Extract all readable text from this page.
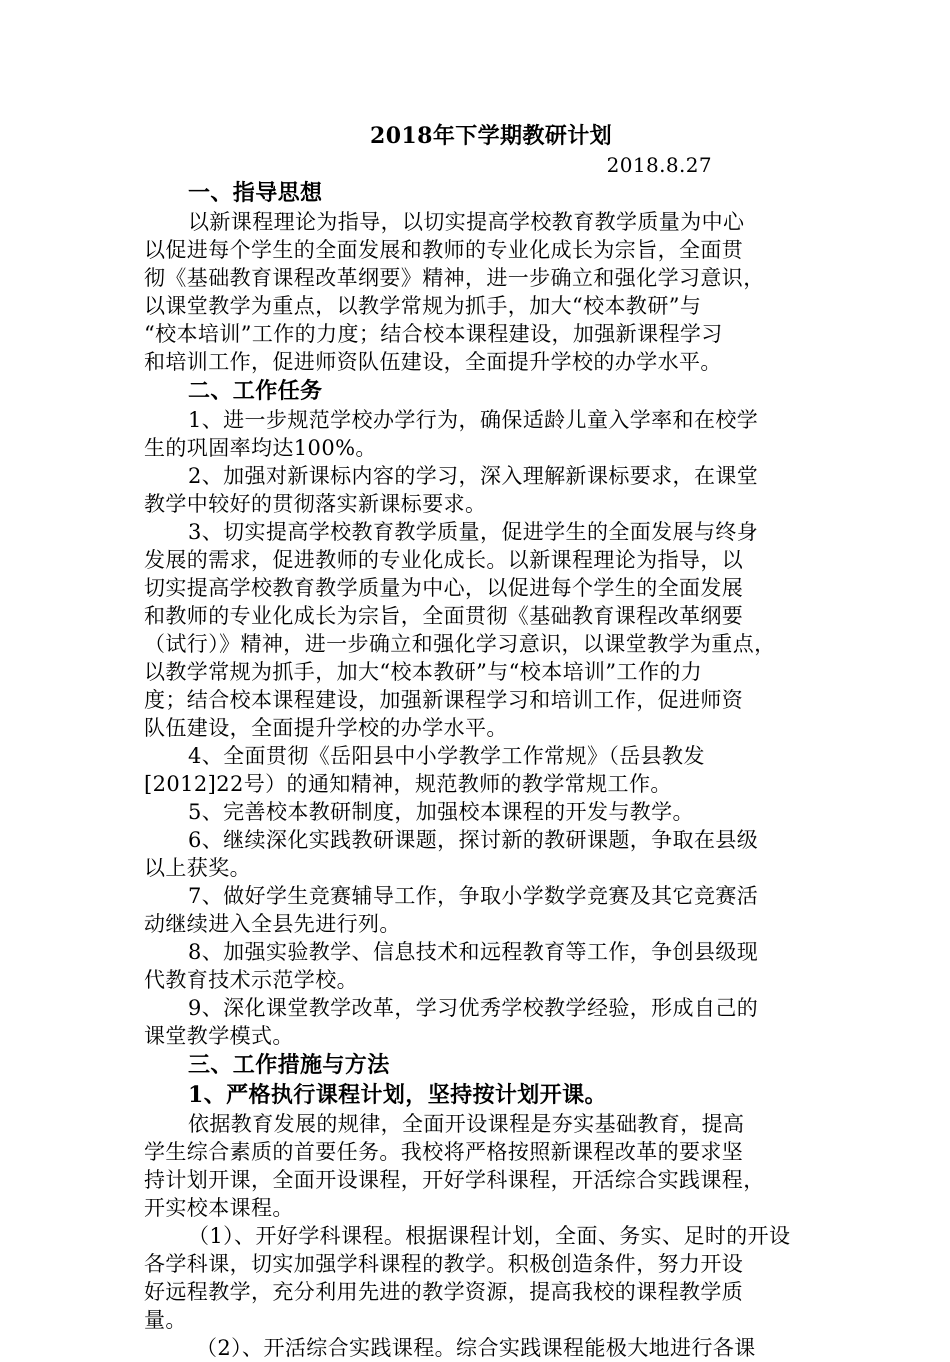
2018年下学期教研计划
2018.8.27
一、指导思想
以新课程理论为指导，以切实提高学校教育教学质量为中心
以促进每个学生的全面发展和教师的专业化成长为宗旨，全面贯
彻《基础教育课程改革纲要》精神，进一步确立和强化学习意识，
以课堂教学为重点，以教学常规为抓手，加大“校本教研”与
“校本培训”工作的力度；结合校本课程建设，加强新课程学习
和培训工作，促进师资队伍建设，全面提升学校的办学水平。
二、工作任务
1、进一步规范学校办学行为，确保适龄儿童入学率和在校学
生的巩固率均达100%。
2、加强对新课标内容的学习，深入理解新课标要求，在课堂
教学中较好的贯彻落实新课标要求。
3、切实提高学校教育教学质量，促进学生的全面发展与终身
发展的需求，促进教师的专业化成长。以新课程理论为指导，以
切实提高学校教育教学质量为中心，以促进每个学生的全面发展
和教师的专业化成长为宗旨，全面贯彻《基础教育课程改革纲要
（试行）》精神，进一步确立和强化学习意识，以课堂教学为重点，
以教学常规为抓手，加大“校本教研”与“校本培训”工作的力
度；结合校本课程建设，加强新课程学习和培训工作，促进师资
队伍建设，全面提升学校的办学水平。
4、全面贯彻《岳阳县中小学教学工作常规》（岳县教发
[2012]22号）的通知精神，规范教师的教学常规工作。
5、完善校本教研制度，加强校本课程的开发与教学。
6、继续深化实践教研课题，探讨新的教研课题，争取在县级
以上获奖。
7、做好学生竞赛辅导工作，争取小学数学竞赛及其它竞赛活
动继续进入全县先进行列。
8、加强实验教学、信息技术和远程教育等工作，争创县级现
代教育技术示范学校。
9、深化课堂教学改革，学习优秀学校教学经验，形成自己的
课堂教学模式。
三、工作措施与方法
1、严格执行课程计划，坚持按计划开课。
依据教育发展的规律，全面开设课程是夯实基础教育，提高
学生综合素质的首要任务。我校将严格按照新课程改革的要求坚
持计划开课，全面开设课程，开好学科课程，开活综合实践课程，
开实校本课程。
（1）、开好学科课程。根据课程计划，全面、务实、足时的开设
各学科课，切实加强学科课程的教学。积极创造条件，努力开设
好远程教学，充分利用先进的教学资源，提高我校的课程教学质
量。
（2）、开活综合实践课程。综合实践课程能极大地进行各课
